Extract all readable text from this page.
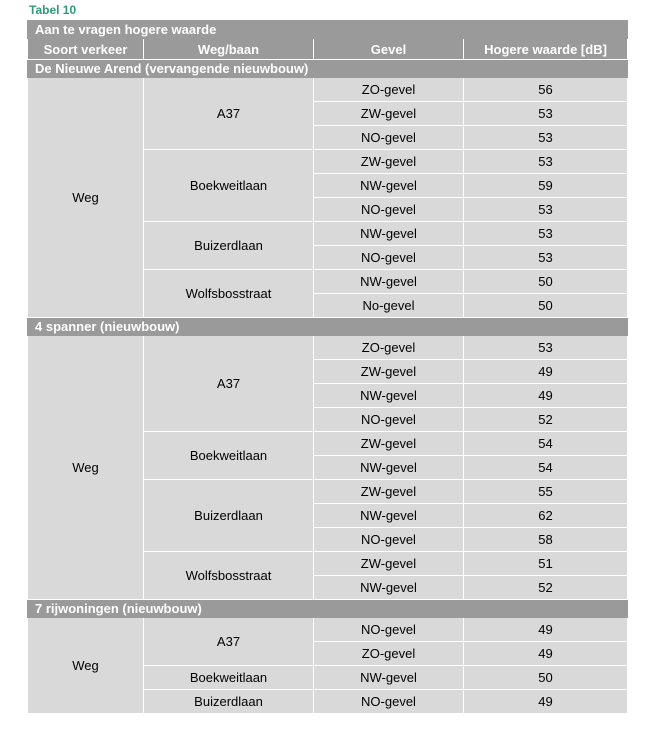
Tabel 10
Aan te vragen hogere waarde			
Soort verkeer	Weg/baan	Gevel	Hogere waarde [dB]
De Nieuwe Arend (vervangende nieuwbouw)			
Weg	A37	ZO-gevel	56
		ZW-gevel	53
		NO-gevel	53
	Boekweitlaan	ZW-gevel	53
		NW-gevel	59
		NO-gevel	53
	Buizerdlaan	NW-gevel	53
		NO-gevel	53
	Wolfsbosstraat	NW-gevel	50
		No-gevel	50
4 spanner (nieuwbouw)			
Weg	A37	ZO-gevel	53
		ZW-gevel	49
		NW-gevel	49
		NO-gevel	52
	Boekweitlaan	ZW-gevel	54
		NW-gevel	54
	Buizerdlaan	ZW-gevel	55
		NW-gevel	62
		NO-gevel	58
	Wolfsbosstraat	ZW-gevel	51
		NW-gevel	52
7 rijwoningen (nieuwbouw)			
Weg	A37	NO-gevel	49
		ZO-gevel	49
	Boekweitlaan	NW-gevel	50
	Buizerdlaan	NO-gevel	49
